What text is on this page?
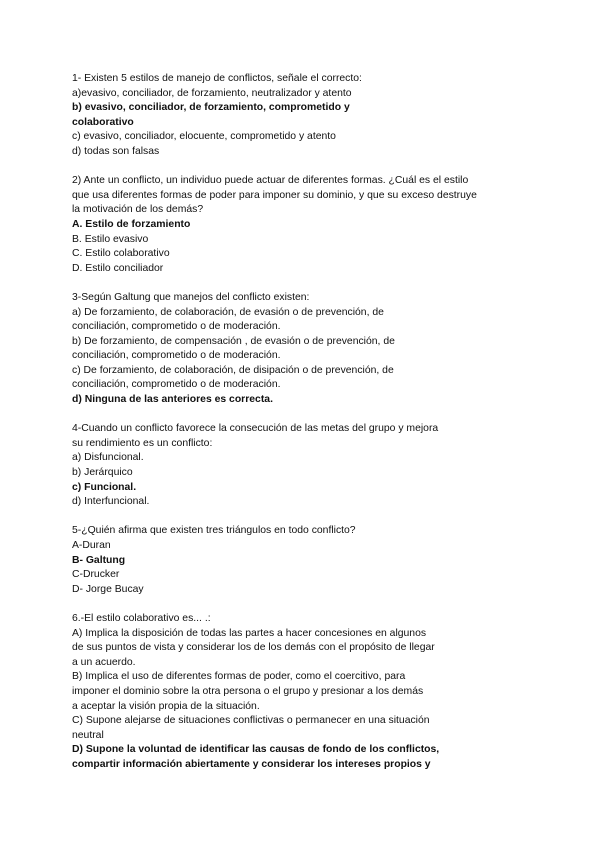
1- Existen 5 estilos de manejo de conflictos, señale el correcto:
a)evasivo, conciliador, de forzamiento, neutralizador y atento
b) evasivo, conciliador, de forzamiento, comprometido y
colaborativo
c) evasivo, conciliador, elocuente, comprometido y atento
d) todas son falsas
2) Ante un conflicto, un individuo puede actuar de diferentes formas. ¿Cuál es el estilo
que usa diferentes formas de poder para imponer su dominio, y que su exceso destruye
la motivación de los demás?
A. Estilo de forzamiento
B. Estilo evasivo
C. Estilo colaborativo
D. Estilo conciliador
3-Según Galtung que manejos del conflicto existen:
a) De forzamiento, de colaboración, de evasión o de prevención, de
conciliación, comprometido o de moderación.
b) De forzamiento, de compensación , de evasión o de prevención, de
conciliación, comprometido o de moderación.
c) De forzamiento, de colaboración, de disipación o de prevención, de
conciliación, comprometido o de moderación.
d) Ninguna de las anteriores es correcta.
4-Cuando un conflicto favorece la consecución de las metas del grupo y mejora
su rendimiento es un conflicto:
a) Disfuncional.
b) Jerárquico
c) Funcional.
d) Interfuncional.
5-¿Quién afirma que existen tres triángulos en todo conflicto?
A-Duran
B- Galtung
C-Drucker
D- Jorge Bucay
6.-El estilo colaborativo es... .:
A) Implica la disposición de todas las partes a hacer concesiones en algunos
de sus puntos de vista y considerar los de los demás con el propósito de llegar
a un acuerdo.
B) Implica el uso de diferentes formas de poder, como el coercitivo, para
imponer el dominio sobre la otra persona o el grupo y presionar a los demás
a aceptar la visión propia de la situación.
C) Supone alejarse de situaciones conflictivas o permanecer en una situación
neutral
D) Supone la voluntad de identificar las causas de fondo de los conflictos,
compartir información abiertamente y considerar los intereses propios y
